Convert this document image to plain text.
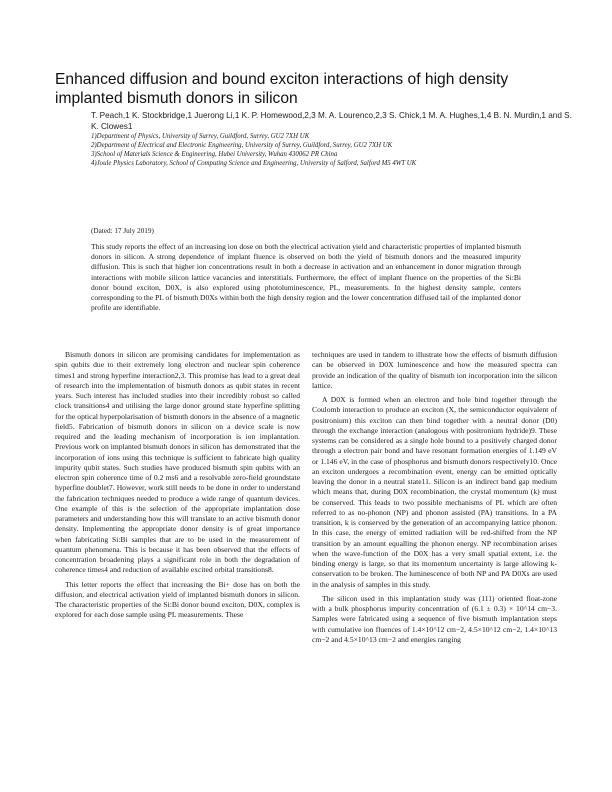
Enhanced diffusion and bound exciton interactions of high density implanted bismuth donors in silicon
T. Peach,1 K. Stockbridge,1 Juerong Li,1 K. P. Homewood,2,3 M. A. Lourenco,2,3 S. Chick,1 M. A. Hughes,1,4 B. N. Murdin,1 and S. K. Clowes1

1)Department of Physics, University of Surrey, Guildford, Surrey, GU2 7XH UK

2)Department of Electrical and Electronic Engineering, University of Surrey, Guildford, Surrey, GU2 7XH UK

3)School of Materials Science & Engineering, Hubei University, Wuhan 430062 PR China

4)Joule Physics Laboratory, School of Computing Science and Engineering, University of Salford, Salford M5 4WT UK

(Dated: 17 July 2019)
This study reports the effect of an increasing ion dose on both the electrical activation yield and characteristic properties of implanted bismuth donors in silicon. A strong dependence of implant fluence is observed on both the yield of bismuth donors and the measured impurity diffusion. This is such that higher ion concentrations result in both a decrease in activation and an enhancement in donor migration through interactions with mobile silicon lattice vacancies and interstitials. Furthermore, the effect of implant fluence on the properties of the Si:Bi donor bound exciton, D0X, is also explored using photoluminescence, PL, measurements. In the highest density sample, centers corresponding to the PL of bismuth D0Xs within both the high density region and the lower concentration diffused tail of the implanted donor profile are identifiable.

Bismuth donors in silicon are promising candidates for implementation as spin qubits due to their extremely long electron and nuclear spin coherence times1 and strong hyperfine interaction2,3. This promise has lead to a great deal of research into the implementation of bismuth donors as qubit states in recent years. Such interest has included studies into their incredibly robust so called clock transitions4 and utilising the large donor ground state hyperfine splitting for the optical hyperpolarisation of bismuth donors in the absence of a magnetic field5. Fabrication of bismuth donors in silicon on a device scale is now required and the leading mechanism of incorporation is ion implantation. Previous work on implanted bismuth donors in silicon has demonstrated that the incorporation of ions using this technique is sufficient to fabricate high quality impurity qubit states. Such studies have produced bismuth spin qubits with an electron spin coherence time of 0.2 ms6 and a resolvable zero-field groundstate hyperfine doublet7. However, work still needs to be done in order to understand the fabrication techniques needed to produce a wide range of quantum devices. One example of this is the selection of the appropriate implantation dose parameters and understanding how this will translate to an active bismuth donor density. Implementing the appropriate donor density is of great importance when fabricating Si:Bi samples that are to be used in the measurement of quantum phenomena. This is because it has been observed that the effects of concentration broadening plays a significant role in both the degradation of coherence times4 and reduction of available excited orbital transitions8.

This letter reports the effect that increasing the Bi+ dose has on both the diffusion, and electrical activation yield of implanted bismuth donors in silicon. The characteristic properties of the Si:Bi donor bound exciton, D0X, complex is explored for each dose sample using PL measurements. These

techniques are used in tandem to illustrate how the effects of bismuth diffusion can be observed in D0X luminescence and how the measured spectra can provide an indication of the quality of bismuth ion incorporation into the silicon lattice.

A D0X is formed when an electron and hole bind together through the Coulomb interaction to produce an exciton (X, the semiconductor equivalent of positronium) this exciton can then bind together with a neutral donor (D0) through the exchange interaction (analogous with positronium hydride)9. These systems can be considered as a single hole bound to a positively charged donor through a electron pair bond and have resonant formation energies of 1.149 eV or 1.146 eV, in the case of phosphorus and bismuth donors respectively10. Once an exciton undergoes a recombination event, energy can be emitted optically leaving the donor in a neutral state11. Silicon is an indirect band gap medium which means that, during D0X recombination, the crystal momentum (k) must be conserved. This leads to two possible mechanisms of PL which are often referred to as no-phonon (NP) and phonon assisted (PA) transitions. In a PA transition, k is conserved by the generation of an accompanying lattice phonon. In this case, the energy of emitted radiation will be red-shifted from the NP transition by an amount equalling the phonon energy. NP recombination arises when the wave-function of the D0X has a very small spatial extent, i.e. the binding energy is large, so that its momentum uncertainty is large allowing k-conservation to be broken. The luminescence of both NP and PA D0Xs are used in the analysis of samples in this study.

The silicon used in this implantation study was (111) oriented float-zone with a bulk phosphorus impurity concentration of (6.1 ± 0.3) × 10^14 cm−3. Samples were fabricated using a sequence of five bismuth implantation steps with cumulative ion fluences of 1.4×10^12 cm−2, 4.5×10^12 cm−2, 1.4×10^13 cm−2 and 4.5×10^13 cm−2 and energies ranging
